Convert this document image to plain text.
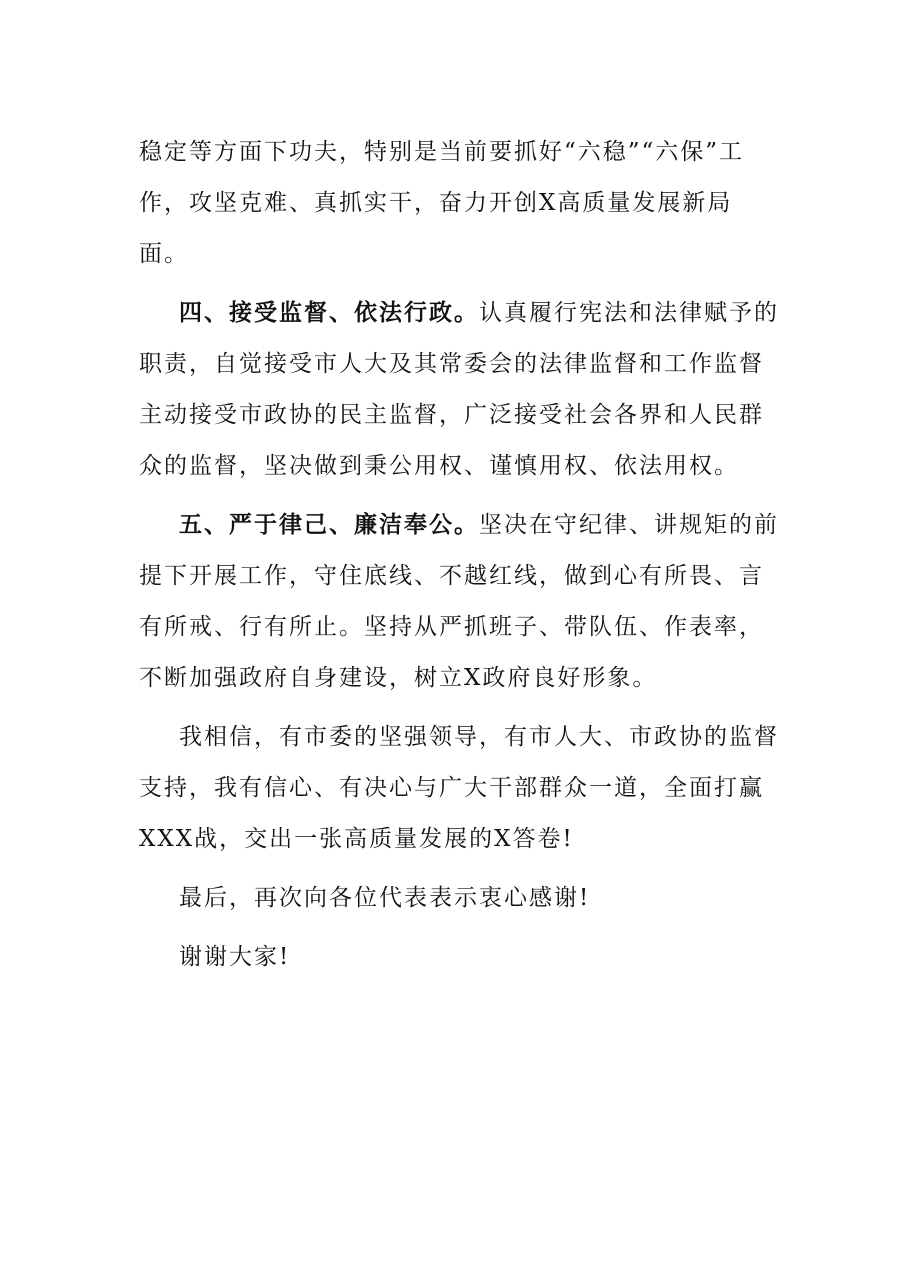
稳定等方面下功夫，特别是当前要抓好“六稳”“六保”工作，攻坚克难、真抓实干，奋力开创X高质量发展新局面。

四、接受监督、依法行政。认真履行宪法和法律赋予的职责，自觉接受市人大及其常委会的法律监督和工作监督主动接受市政协的民主监督，广泛接受社会各界和人民群众的监督，坚决做到秉公用权、谨慎用权、依法用权。

五、严于律己、廉洁奉公。坚决在守纪律、讲规矩的前提下开展工作，守住底线、不越红线，做到心有所畏、言有所戒、行有所止。坚持从严抓班子、带队伍、作表率，不断加强政府自身建设，树立X政府良好形象。

我相信，有市委的坚强领导，有市人大、市政协的监督支持，我有信心、有决心与广大干部群众一道，全面打赢XXX战，交出一张高质量发展的X答卷!

最后，再次向各位代表表示衷心感谢!

谢谢大家!
